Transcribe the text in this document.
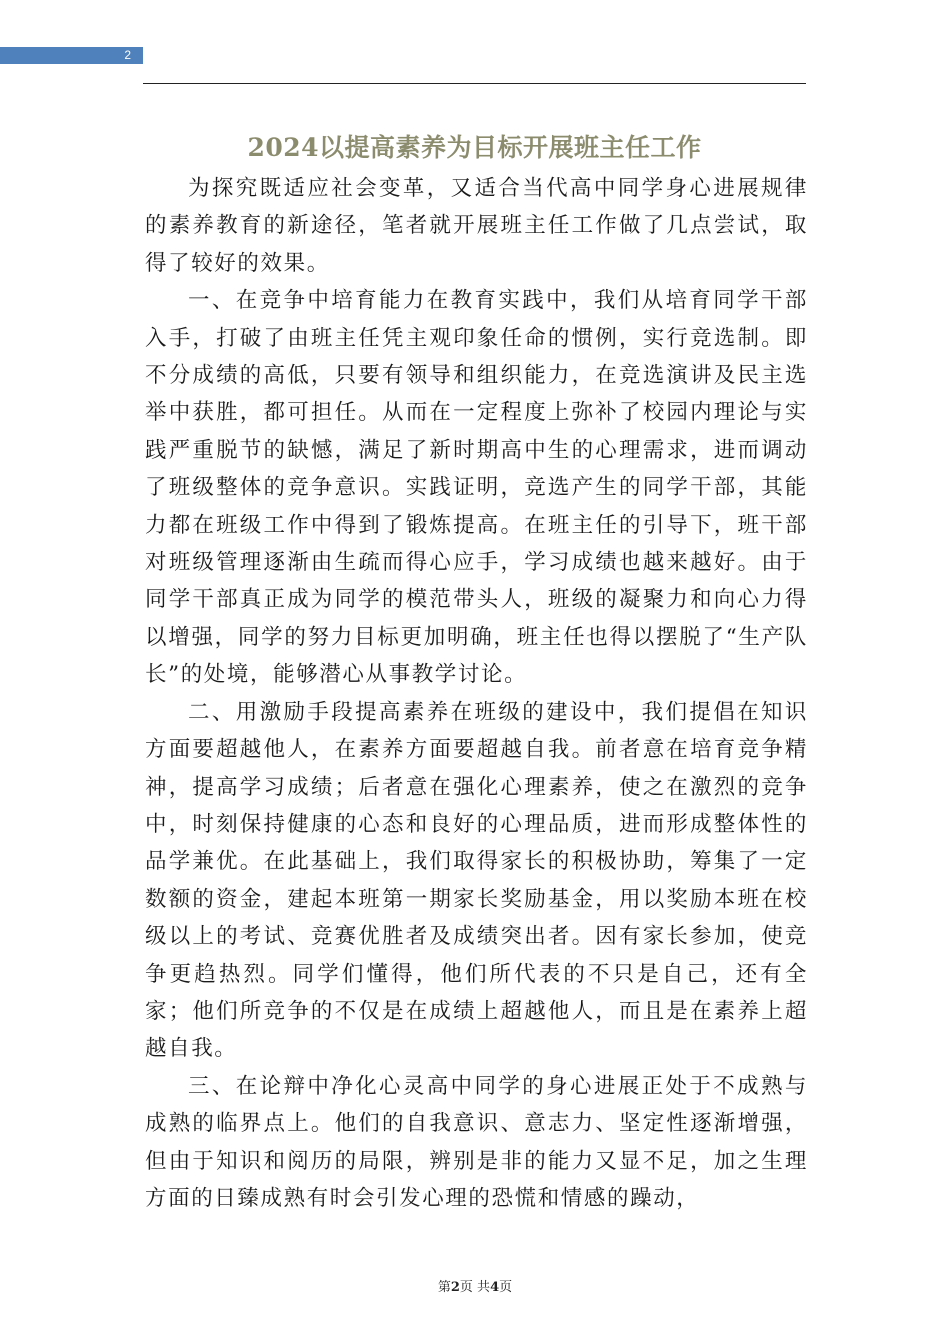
2
2024以提高素养为目标开展班主任工作

为探究既适应社会变革，又适合当代高中同学身心进展规律的素养教育的新途径，笔者就开展班主任工作做了几点尝试，取得了较好的效果。

一、在竞争中培育能力在教育实践中，我们从培育同学干部入手，打破了由班主任凭主观印象任命的惯例，实行竞选制。即不分成绩的高低，只要有领导和组织能力，在竞选演讲及民主选举中获胜，都可担任。从而在一定程度上弥补了校园内理论与实践严重脱节的缺憾，满足了新时期高中生的心理需求，进而调动了班级整体的竞争意识。实践证明，竞选产生的同学干部，其能力都在班级工作中得到了锻炼提高。在班主任的引导下，班干部对班级管理逐渐由生疏而得心应手，学习成绩也越来越好。由于同学干部真正成为同学的模范带头人，班级的凝聚力和向心力得以增强，同学的努力目标更加明确，班主任也得以摆脱了“生产队长”的处境，能够潜心从事教学讨论。

二、用激励手段提高素养在班级的建设中，我们提倡在知识方面要超越他人，在素养方面要超越自我。前者意在培育竞争精神，提高学习成绩；后者意在强化心理素养，使之在激烈的竞争中，时刻保持健康的心态和良好的心理品质，进而形成整体性的品学兼优。在此基础上，我们取得家长的积极协助，筹集了一定数额的资金，建起本班第一期家长奖励基金，用以奖励本班在校级以上的考试、竞赛优胜者及成绩突出者。因有家长参加，使竞争更趋热烈。同学们懂得，他们所代表的不只是自己，还有全家；他们所竞争的不仅是在成绩上超越他人，而且是在素养上超越自我。

三、在论辩中净化心灵高中同学的身心进展正处于不成熟与成熟的临界点上。他们的自我意识、意志力、坚定性逐渐增强，但由于知识和阅历的局限，辨别是非的能力又显不足，加之生理方面的日臻成熟有时会引发心理的恐慌和情感的躁动，

第2页 共4页
